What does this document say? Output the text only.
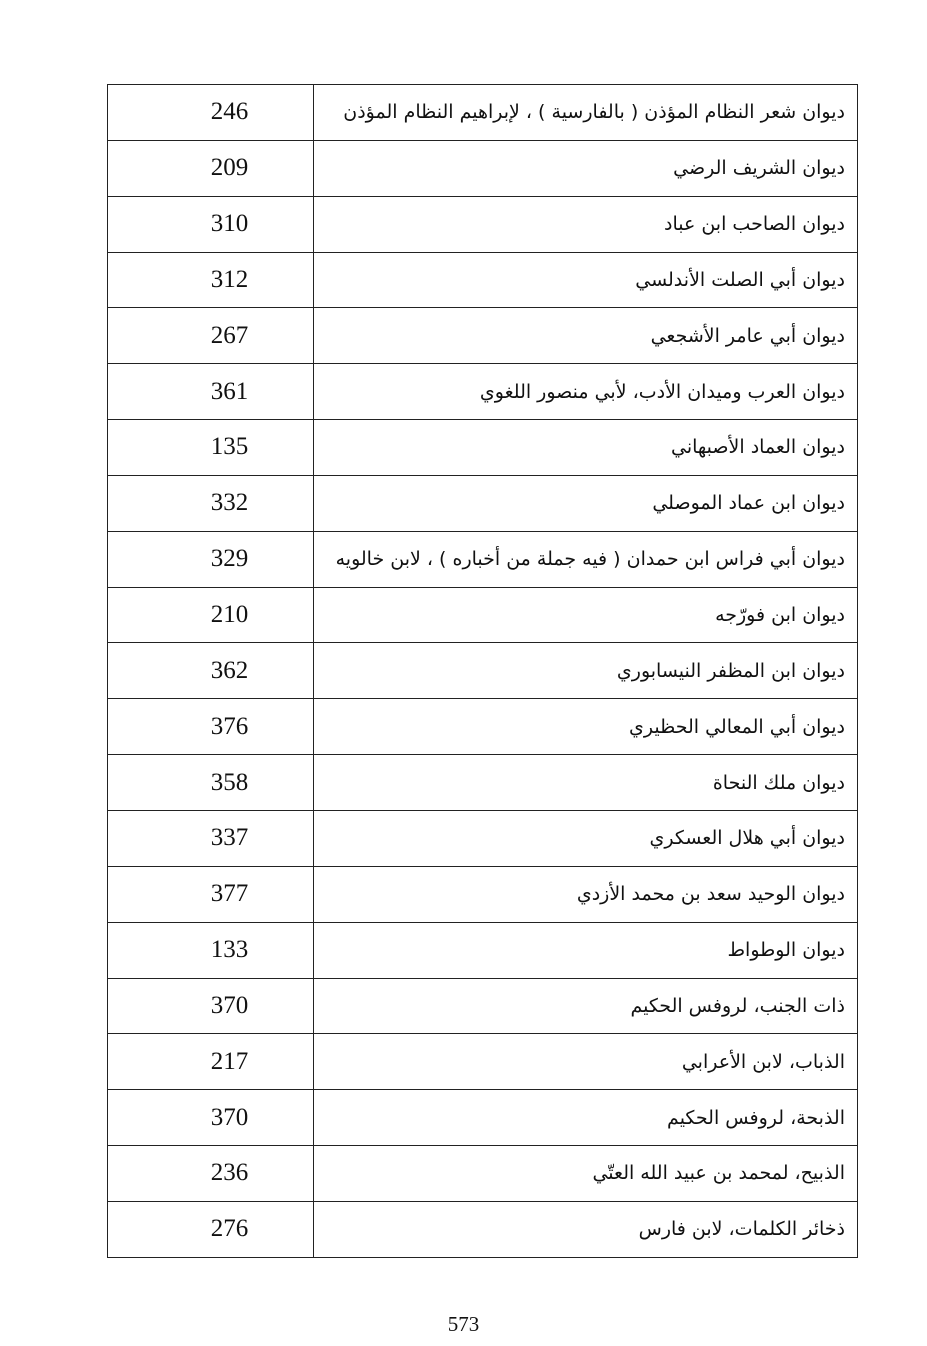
246	ديوان شعر النظام المؤذن ( بالفارسية ) ، لإبراهيم النظام المؤذن
209	ديوان الشريف الرضي
310	ديوان الصاحب ابن عباد
312	ديوان أبي الصلت الأندلسي
267	ديوان أبي عامر الأشجعي
361	ديوان العرب وميدان الأدب، لأبي منصور اللغوي
135	ديوان العماد الأصبهاني
332	ديوان ابن عماد الموصلي
329	ديوان أبي فراس ابن حمدان ( فيه جملة من أخباره ) ، لابن خالويه
210	ديوان ابن فورّجه
362	ديوان ابن المظفر النيسابوري
376	ديوان أبي المعالي الحظيري
358	ديوان ملك النحاة
337	ديوان أبي هلال العسكري
377	ديوان الوحيد سعد بن محمد الأزدي
133	ديوان الوطواط
370	ذات الجنب، لروفس الحكيم
217	الذباب، لابن الأعرابي
370	الذبحة، لروفس الحكيم
236	الذبيح، لمحمد بن عبيد الله العتّي
276	ذخائر الكلمات، لابن فارس
573
